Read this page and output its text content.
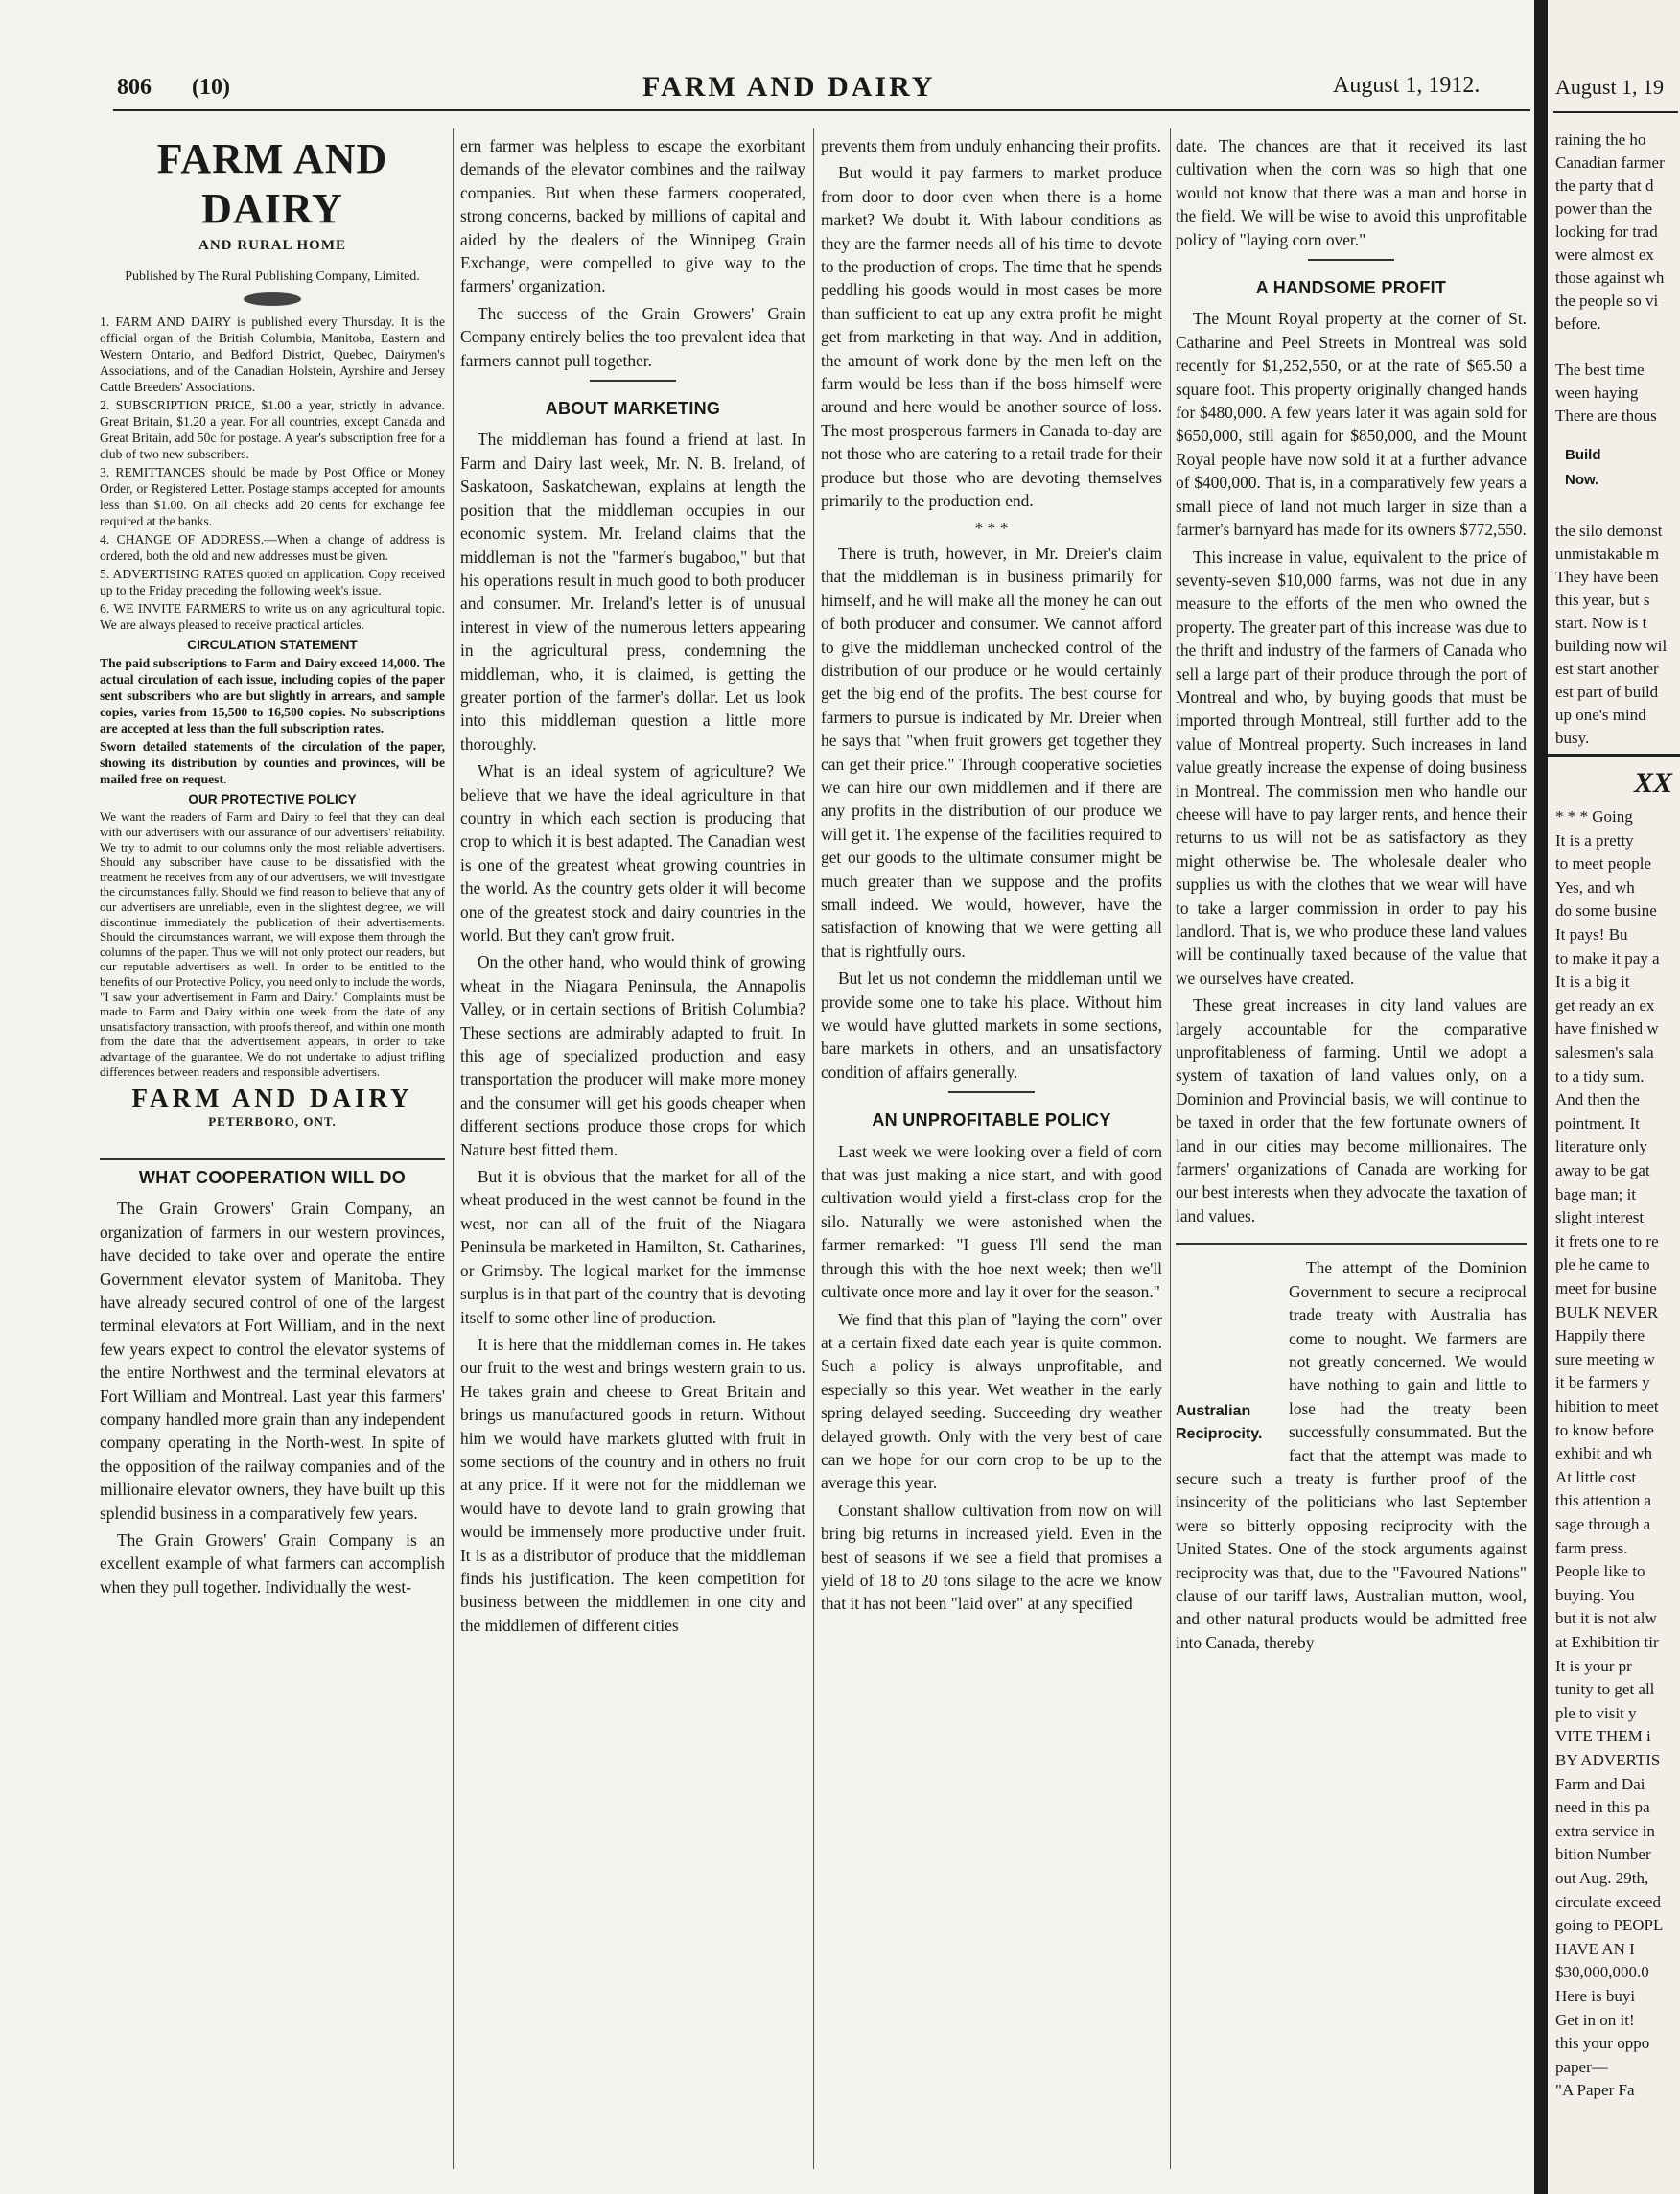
806 (10)	FARM AND DAIRY	August 1, 1912.
FARM AND DAIRY
AND RURAL HOME
Published by The Rural Publishing Company, Limited.

1. FARM AND DAIRY is published every Thursday. It is the official organ of the British Columbia, Manitoba, Eastern and Western Ontario, and Bedford District, Quebec, Dairymen's Associations, and of the Canadian Holstein, Ayrshire and Jersey Cattle Breeders' Associations.

2. SUBSCRIPTION PRICE, $1.00 a year, strictly in advance. Great Britain, $1.20 a year. For all countries, except Canada and Great Britain, add 50c for postage. A year's subscription free for a club of two new subscribers.

3. REMITTANCES should be made by Post Office or Money Order, or Registered Letter. Postage stamps accepted for amounts less than $1.00. On all checks add 20 cents for exchange fee required at the banks.

4. CHANGE OF ADDRESS.—When a change of address is ordered, both the old and new addresses must be given.

5. ADVERTISING RATES quoted on application. Copy received up to the Friday preceding the following week's issue.

6. WE INVITE FARMERS to write us on any agricultural topic. We are always pleased to receive practical articles.

CIRCULATION STATEMENT

The paid subscriptions to Farm and Dairy exceed 14,000. The actual circulation of each issue, including copies of the paper sent subscribers who are but slightly in arrears, and sample copies, varies from 15,500 to 16,500 copies. No subscriptions are accepted at less than the full subscription rates.

Sworn detailed statements of the circulation of the paper, showing its distribution by counties and provinces, will be mailed free on request.

OUR PROTECTIVE POLICY

We want the readers of Farm and Dairy to feel that they can deal with our advertisers with our assurance of our advertisers' reliability. We try to admit to our columns only the most reliable advertisers. Should any subscriber have cause to be dissatisfied with the treatment he receives from any of our advertisers, we will investigate the circumstances fully. Should we find reason to believe that any of our advertisers are unreliable, even in the slightest degree, we will discontinue immediately the publication of their advertisements. Should the circumstances warrant, we will expose them through the columns of the paper. Thus we will not only protect our readers, but our reputable advertisers as well. In order to be entitled to the benefits of our Protective Policy, you need only to include the words, "I saw your advertisement in Farm and Dairy." Complaints must be made to Farm and Dairy within one week from the date of any unsatisfactory transaction, with proofs thereof, and within one month from the date that the advertisement appears, in order to take advantage of the guarantee. We do not undertake to adjust trifling differences between readers and responsible advertisers.

FARM AND DAIRY
PETERBORO, ONT.
WHAT COOPERATION WILL DO

The Grain Growers' Grain Company, an organization of farmers in our western provinces, have decided to take over and operate the entire Government elevator system of Manitoba. They have already secured control of one of the largest terminal elevators at Fort William, and in the next few years expect to control the elevator systems of the entire Northwest and the terminal elevators at Fort William and Montreal. Last year this farmers' company handled more grain than any independent company operating in the North-west. In spite of the opposition of the railway companies and of the millionaire elevator owners, they have built up this splendid business in a comparatively few years.

The Grain Growers' Grain Company is an excellent example of what farmers can accomplish when they pull together. Individually the west-

ern farmer was helpless to escape the exorbitant demands of the elevator combines and the railway companies. But when these farmers cooperated, strong concerns, backed by millions of capital and aided by the dealers of the Winnipeg Grain Exchange, were compelled to give way to the farmers' organization.

The success of the Grain Growers' Grain Company entirely belies the too prevalent idea that farmers cannot pull together.

ABOUT MARKETING

The middleman has found a friend at last. In Farm and Dairy last week, Mr. N. B. Ireland, of Saskatoon, Saskatchewan, explains at length the position that the middleman occupies in our economic system. Mr. Ireland claims that the middleman is not the "farmer's bugaboo," but that his operations result in much good to both producer and consumer. Mr. Ireland's letter is of unusual interest in view of the numerous letters appearing in the agricultural press, condemning the middleman, who, it is claimed, is getting the greater portion of the farmer's dollar. Let us look into this middleman question a little more thoroughly.

What is an ideal system of agriculture? We believe that we have the ideal agriculture in that country in which each section is producing that crop to which it is best adapted. The Canadian west is one of the greatest wheat growing countries in the world. As the country gets older it will become one of the greatest stock and dairy countries in the world. But they can't grow fruit.

On the other hand, who would think of growing wheat in the Niagara Peninsula, the Annapolis Valley, or in certain sections of British Columbia? These sections are admirably adapted to fruit. In this age of specialized production and easy transportation the producer will make more money and the consumer will get his goods cheaper when different sections produce those crops for which Nature best fitted them.

But it is obvious that the market for all of the wheat produced in the west cannot be found in the west, nor can all of the fruit of the Niagara Peninsula be marketed in Hamilton, St. Catharines, or Grimsby. The logical market for the immense surplus is in that part of the country that is devoting itself to some other line of production.

It is here that the middleman comes in. He takes our fruit to the west and brings western grain to us. He takes grain and cheese to Great Britain and brings us manufactured goods in return. Without him we would have markets glutted with fruit in some sections of the country and in others no fruit at any price. If it were not for the middleman we would have to devote land to grain growing that would be immensely more productive under fruit. It is as a distributor of produce that the middleman finds his justification. The keen competition for business between the middlemen in one city and the middlemen of different cities

prevents them from unduly enhancing their profits.

But would it pay farmers to market produce from door to door even when there is a home market? We doubt it. With labour conditions as they are the farmer needs all of his time to devote to the production of crops. The time that he spends peddling his goods would in most cases be more than sufficient to eat up any extra profit he might get from marketing in that way. And in addition, the amount of work done by the men left on the farm would be less than if the boss himself were around and here would be another source of loss. The most prosperous farmers in Canada to-day are not those who are catering to a retail trade for their produce but those who are devoting themselves primarily to the production end.

* * *

There is truth, however, in Mr. Dreier's claim that the middleman is in business primarily for himself, and he will make all the money he can out of both producer and consumer. We cannot afford to give the middleman unchecked control of the distribution of our produce or he would certainly get the big end of the profits. The best course for farmers to pursue is indicated by Mr. Dreier when he says that "when fruit growers get together they can get their price." Through cooperative societies we can hire our own middlemen and if there are any profits in the distribution of our produce we will get it. The expense of the facilities required to get our goods to the ultimate consumer might be much greater than we suppose and the profits small indeed. We would, however, have the satisfaction of knowing that we were getting all that is rightfully ours.

But let us not condemn the middleman until we provide some one to take his place. Without him we would have glutted markets in some sections, bare markets in others, and an unsatisfactory condition of affairs generally.

AN UNPROFITABLE POLICY

Last week we were looking over a field of corn that was just making a nice start, and with good cultivation would yield a first-class crop for the silo. Naturally we were astonished when the farmer remarked: "I guess I'll send the man through this with the hoe next week; then we'll cultivate once more and lay it over for the season."

We find that this plan of "laying the corn" over at a certain fixed date each year is quite common. Such a policy is always unprofitable, and especially so this year. Wet weather in the early spring delayed seeding. Succeeding dry weather delayed growth. Only with the very best of care can we hope for our corn crop to be up to the average this year.

Constant shallow cultivation from now on will bring big returns in increased yield. Even in the best of seasons if we see a field that promises a yield of 18 to 20 tons silage to the acre we know that it has not been "laid over" at any specified

date. The chances are that it received its last cultivation when the corn was so high that one would not know that there was a man and horse in the field. We will be wise to avoid this unprofitable policy of "laying corn over."

A HANDSOME PROFIT

The Mount Royal property at the corner of St. Catharine and Peel Streets in Montreal was sold recently for $1,252,550, or at the rate of $65.50 a square foot. This property originally changed hands for $480,000. A few years later it was again sold for $650,000, still again for $850,000, and the Mount Royal people have now sold it at a further advance of $400,000. That is, in a comparatively few years a small piece of land not much larger in size than a farmer's barnyard has made for its owners $772,550.

This increase in value, equivalent to the price of seventy-seven $10,000 farms, was not due in any measure to the efforts of the men who owned the property. The greater part of this increase was due to the thrift and industry of the farmers of Canada who sell a large part of their produce through the port of Montreal and who, by buying goods that must be imported through Montreal, still further add to the value of Montreal property. Such increases in land value greatly increase the expense of doing business in Montreal. The commission men who handle our cheese will have to pay larger rents, and hence their returns to us will not be as satisfactory as they might otherwise be. The wholesale dealer who supplies us with the clothes that we wear will have to take a larger commission in order to pay his landlord. That is, we who produce these land values will be continually taxed because of the value that we ourselves have created.

These great increases in city land values are largely accountable for the comparative unprofitableness of farming. Until we adopt a system of taxation of land values only, on a Dominion and Provincial basis, we will continue to be taxed in order that the few fortunate owners of land in our cities may become millionaires. The farmers' organizations of Canada are working for our best interests when they advocate the taxation of land values.

Australian Reciprocity.

The attempt of the Dominion Government to secure a reciprocal trade treaty with Australia has come to nought. We farmers are not greatly concerned. We would have nothing to gain and little to lose had the treaty been successfully consummated. But the fact that the attempt was made to secure such a treaty is further proof of the insincerity of the politicians who last September were so bitterly opposing reciprocity with the United States. One of the stock arguments against reciprocity was that, due to the "Favoured Nations" clause of our tariff laws, Australian mutton, wool, and other natural products would be admitted free into Canada, thereby

August 1, 19
raining the ho
Canadian farmer
the party that d
power than the
looking for trad
were almost ex
those against wh
the people so vi
before.
The best time
ween haying
There are thous
the silo demonst
unmistakable m
They have been
this year, but s
start. Now is t
building now wil
est start another
est part of build
up one's mind
busy.
Build
Now.
XX
* * * Going
It is a pretty
to meet people
Yes, and wh
do some busine
It pays! Bu
to make it pay a
It is a big it
get ready an ex
have finished w
salesmen's sala
to a tidy sum.
And then the
pointment. It
literature only
away to be gat
bage man; it
slight interest
it frets one to re
ple he came to
meet for busine
BULK NEVER
Happily there
sure meeting w
it be farmers y
hibition to meet
to know before
exhibit and wh
At little cost
this attention a
sage through a
farm press.
People like to
buying. You
but it is not alw
at Exhibition tir
It is your pr
tunity to get all
ple to visit y
VITE THEM i
BY ADVERTIS
Farm and Dai
need in this pa
extra service in
bition Number
out Aug. 29th,
circulate exceed
going to PEOPL
HAVE AN I
$30,000,000.0
Here is buyi
Get in on it!
this your oppo
paper—
"A Paper Fa
